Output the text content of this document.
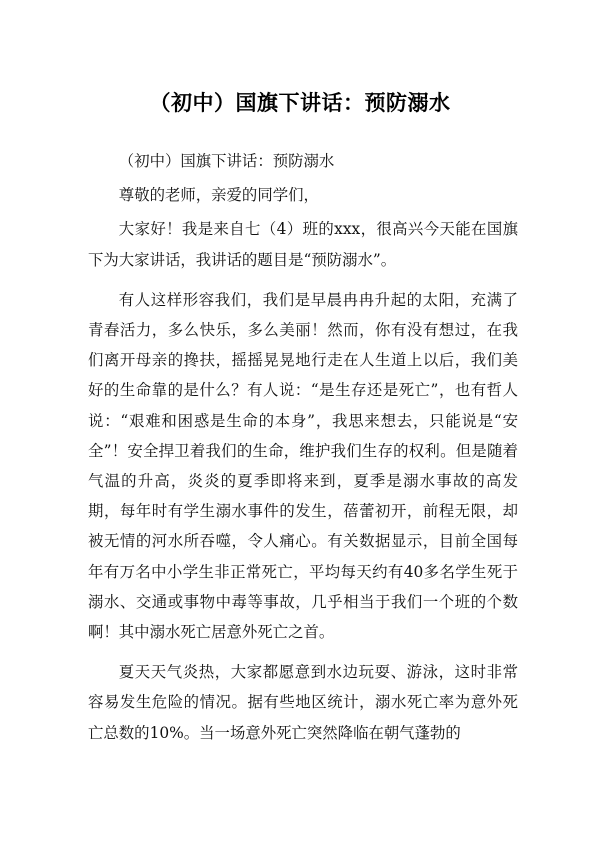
（初中）国旗下讲话：预防溺水

（初中）国旗下讲话：预防溺水

尊敬的老师，亲爱的同学们，

大家好！我是来自七（4）班的xxx，很高兴今天能在国旗下为大家讲话，我讲话的题目是“预防溺水”。

有人这样形容我们，我们是早晨冉冉升起的太阳，充满了青春活力，多么快乐，多么美丽！然而，你有没有想过，在我们离开母亲的搀扶，摇摇晃晃地行走在人生道上以后，我们美好的生命靠的是什么？有人说：“是生存还是死亡”，也有哲人说：“艰难和困惑是生命的本身”，我思来想去，只能说是“安全”！安全捍卫着我们的生命，维护我们生存的权利。但是随着气温的升高，炎炎的夏季即将来到，夏季是溺水事故的高发期，每年时有学生溺水事件的发生，蓓蕾初开，前程无限，却被无情的河水所吞噬，令人痛心。有关数据显示，目前全国每年有万名中小学生非正常死亡，平均每天约有40多名学生死于溺水、交通或事物中毒等事故，几乎相当于我们一个班的个数啊！其中溺水死亡居意外死亡之首。

夏天天气炎热，大家都愿意到水边玩耍、游泳，这时非常容易发生危险的情况。据有些地区统计，溺水死亡率为意外死亡总数的10%。当一场意外死亡突然降临在朝气蓬勃的
